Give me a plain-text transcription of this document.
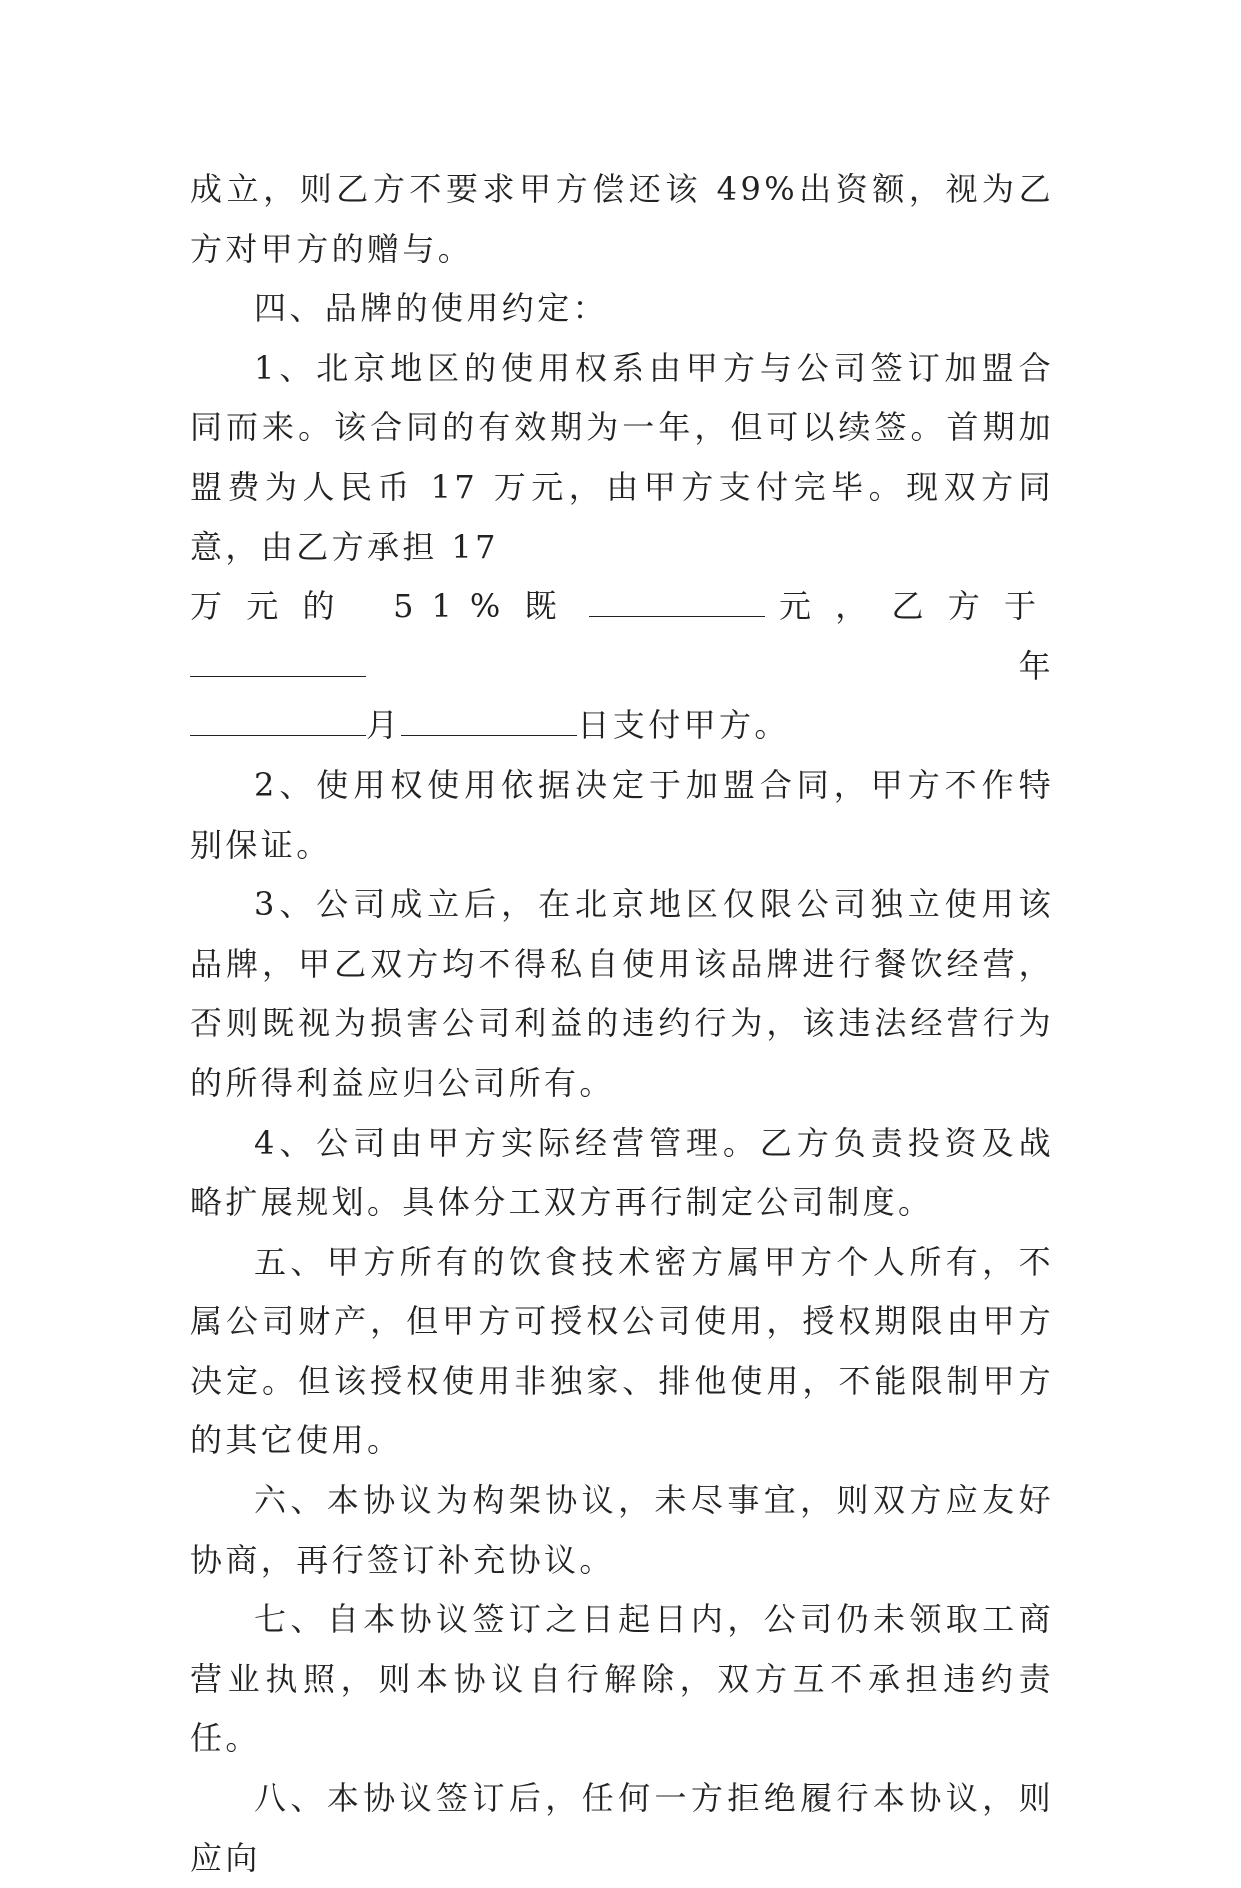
成立，则乙方不要求甲方偿还该 49%出资额，视为乙方对甲方的赠与。

四、品牌的使用约定：

1、北京地区的使用权系由甲方与公司签订加盟合同而来。该合同的有效期为一年，但可以续签。首期加盟费为人民币 17 万元，由甲方支付完毕。现双方同意，由乙方承担 17

万元的 51%既	元，乙方于年

月	日支付甲方。

2、使用权使用依据决定于加盟合同，甲方不作特别保证。

3、公司成立后，在北京地区仅限公司独立使用该品牌，甲乙双方均不得私自使用该品牌进行餐饮经营，否则既视为损害公司利益的违约行为，该违法经营行为的所得利益应归公司所有。

4、公司由甲方实际经营管理。乙方负责投资及战略扩展规划。具体分工双方再行制定公司制度。

五、甲方所有的饮食技术密方属甲方个人所有，不属公司财产，但甲方可授权公司使用，授权期限由甲方决定。但该授权使用非独家、排他使用，不能限制甲方的其它使用。

六、本协议为构架协议，未尽事宜，则双方应友好协商，再行签订补充协议。

七、自本协议签订之日起日内，公司仍未领取工商营业执照，则本协议自行解除，双方互不承担违约责任。

八、本协议签订后，任何一方拒绝履行本协议，则应向
